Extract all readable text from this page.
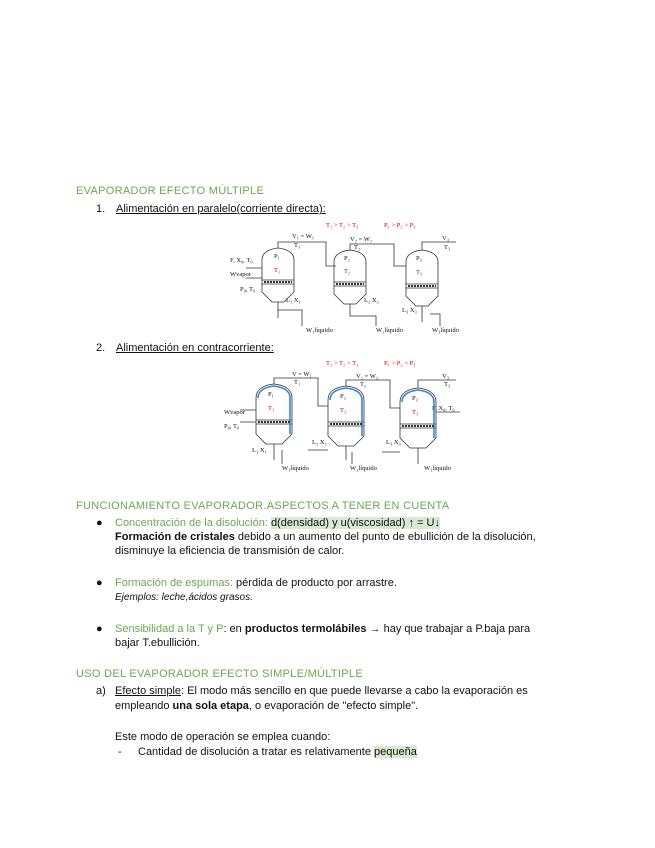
EVAPORADOR EFECTO MÚLTIPLE
1. Alimentación en paralelo(corriente directa):
T₁ > T₂ > T₃	P₁ > P₂ > P₃
V₁ = W₁
T₁
V₂ = W₂
T₂
V₃
T₃
F, X₀, T₀
Wvapor
P₀, T₀
P₁
T₁
P₂
T₂
P₃
T₃
L₁ X₁	L₂ X₂
L₃ X₃
W₁líquido	W₂líquido	W₃líquido
2. Alimentación en contracorriente:
T₁ > T₂ > T₃	P₁ > P₂ > P₃
V = W₁
T₁
V₂ = W₂
T₂
V₃
T₃
F, X₀, T₀
Wvapor
P₀, T₀
P₁
T₁
P₂
T₂
P₃
T₃
L₁ X₁
L₂ X₂	L₃ X₃
W₁líquido	W₂líquido	W₃líquido
FUNCIONAMIENTO EVAPORADOR.ASPECTOS A TENER EN CUENTA
● Concentración de la disolución: d(densidad) y u(viscosidad) ↑ = U↓
Formación de cristales debido a un aumento del punto de ebullición de la disolución,
disminuye la eficiencia de transmisión de calor.
● Formación de espumas: pérdida de producto por arrastre.
Ejemplos: leche,ácidos grasos.
● Sensibilidad a la T y P: en productos termolábiles → hay que trabajar a P.baja para
bajar T.ebullición.
USO DEL EVAPORADOR EFECTO SIMPLE/MÚLTIPLE
a) Efecto simple: El modo más sencillo en que puede llevarse a cabo la evaporación es
empleando una sola etapa, o evaporación de "efecto simple".
Este modo de operación se emplea cuando:
- Cantidad de disolución a tratar es relativamente pequeña
